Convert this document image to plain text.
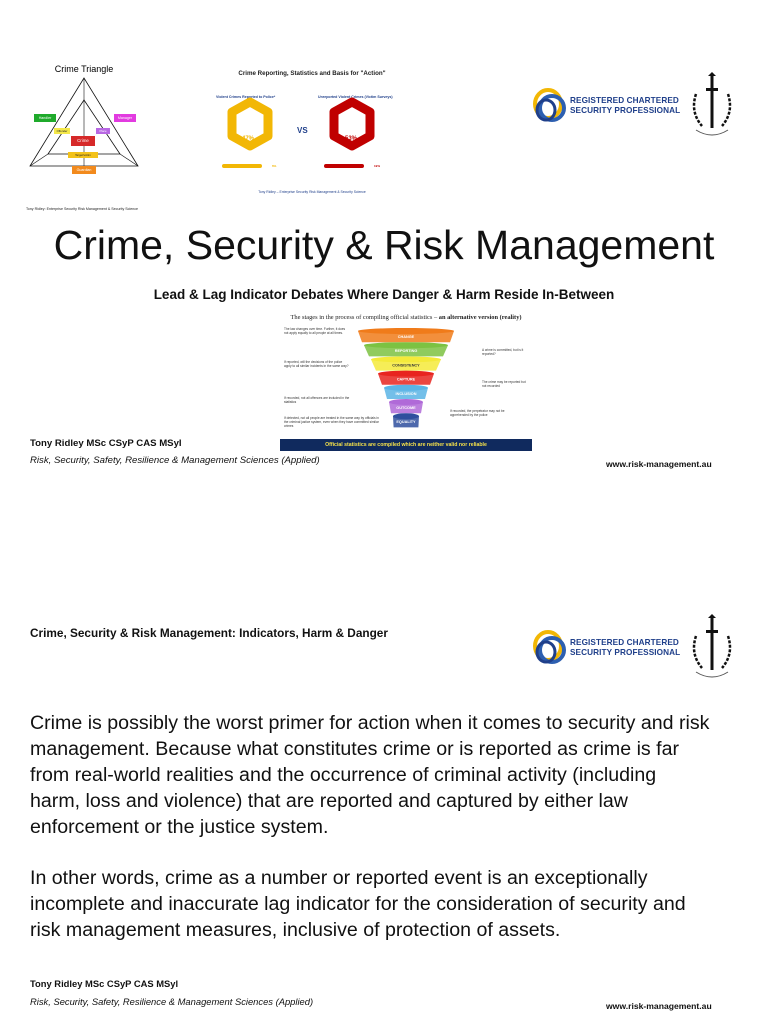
Crime Triangle
Handler	Manager
Offender	Place
Crime
Target/victim
Guardian
Tony Ridley: Enterprise Security Risk Management & Security Science
Crime Reporting, Statistics and Basis for "Action"
Violent Crimes Reported to Police*	Unreported Violent Crimes (Victim Surveys)
47%
VS
53%
6%	19%
Tony Ridley – Enterprise Security Risk Management & Security Science
REGISTERED CHARTERED
SECURITY PROFESSIONAL
Crime, Security & Risk Management
Lead & Lag Indicator Debates Where Danger & Harm Reside In-Between
The stages in the process of compiling official statistics – an alternative version (reality)
CHANGE
REPORTING
CONSISTENCY
CAPTURE
INCLUSION
OUTCOME
EQUALITY
The law changes over time. Further, it does not apply equally to all people at all times.
If reported, will the decisions of the police apply to all similar incidents in the same way?
If recorded, not all offences are included in the statistics
If detected, not all people are treated in the same way by officials in the criminal justice system, even when they have committed similar crimes
A crime is committed, but is it reported?
The crime may be reported but not recorded
If recorded, the perpetrator may not be apprehended by the police
Official statistics are compiled which are neither valid nor reliable
Tony Ridley MSc CSyP CAS MSyI
Risk, Security, Safety, Resilience & Management Sciences (Applied)	www.risk-management.au
Crime, Security & Risk Management: Indicators, Harm & Danger
REGISTERED CHARTERED
SECURITY PROFESSIONAL
Crime is possibly the worst primer for action when it comes to security and risk
management. Because what constitutes crime or is reported as crime is far
from real-world realities and the occurrence of criminal activity (including
harm, loss and violence) that are reported and captured by either law
enforcement or the justice system.
In other words, crime as a number or reported event is an exceptionally
incomplete and inaccurate lag indicator for the consideration of security and
risk management measures, inclusive of protection of assets.
Tony Ridley MSc CSyP CAS MSyl
Risk, Security, Safety, Resilience & Management Sciences (Applied)	www.risk-management.au
